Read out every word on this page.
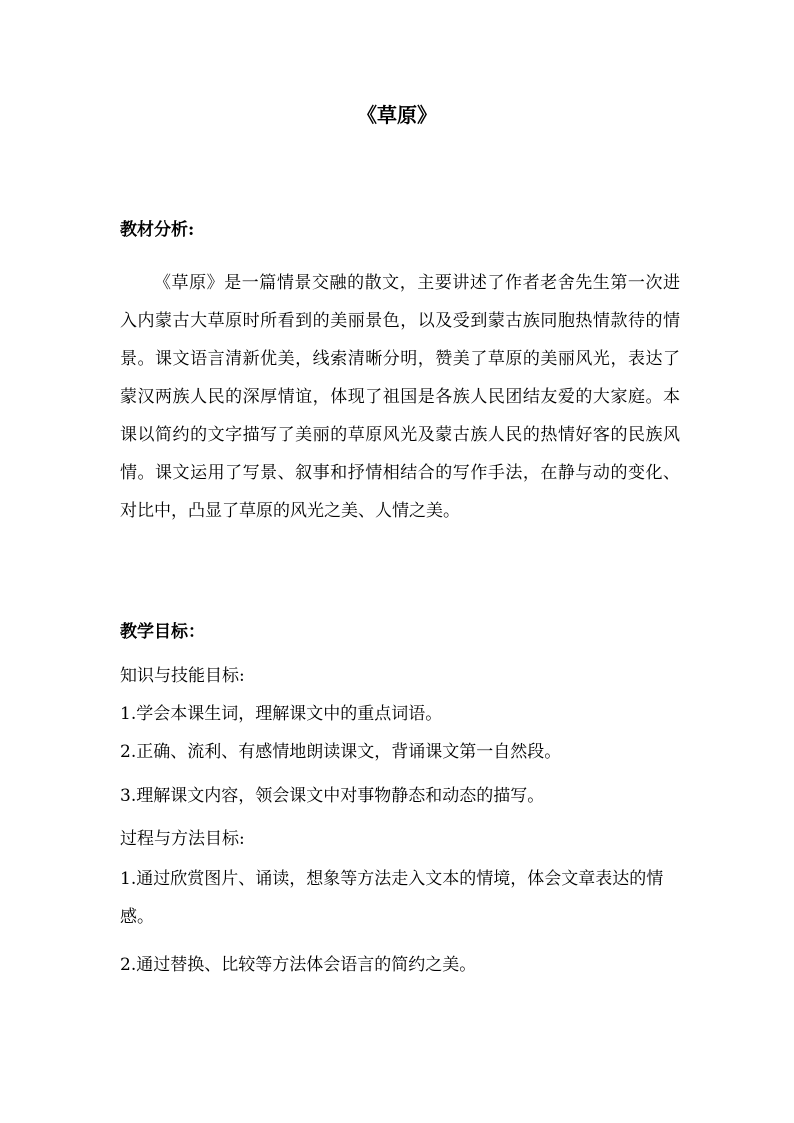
《草原》
教材分析:
《草原》是一篇情景交融的散文，主要讲述了作者老舍先生第一次进入内蒙古大草原时所看到的美丽景色，以及受到蒙古族同胞热情款待的情景。课文语言清新优美，线索清晰分明，赞美了草原的美丽风光，表达了蒙汉两族人民的深厚情谊，体现了祖国是各族人民团结友爱的大家庭。本课以简约的文字描写了美丽的草原风光及蒙古族人民的热情好客的民族风情。课文运用了写景、叙事和抒情相结合的写作手法，在静与动的变化、对比中，凸显了草原的风光之美、人情之美。
教学目标：
知识与技能目标:
1.学会本课生词，理解课文中的重点词语。
2.正确、流利、有感情地朗读课文，背诵课文第一自然段。
3.理解课文内容，领会课文中对事物静态和动态的描写。
过程与方法目标:
1.通过欣赏图片、诵读，想象等方法走入文本的情境，体会文章表达的情感。
2.通过替换、比较等方法体会语言的简约之美。
